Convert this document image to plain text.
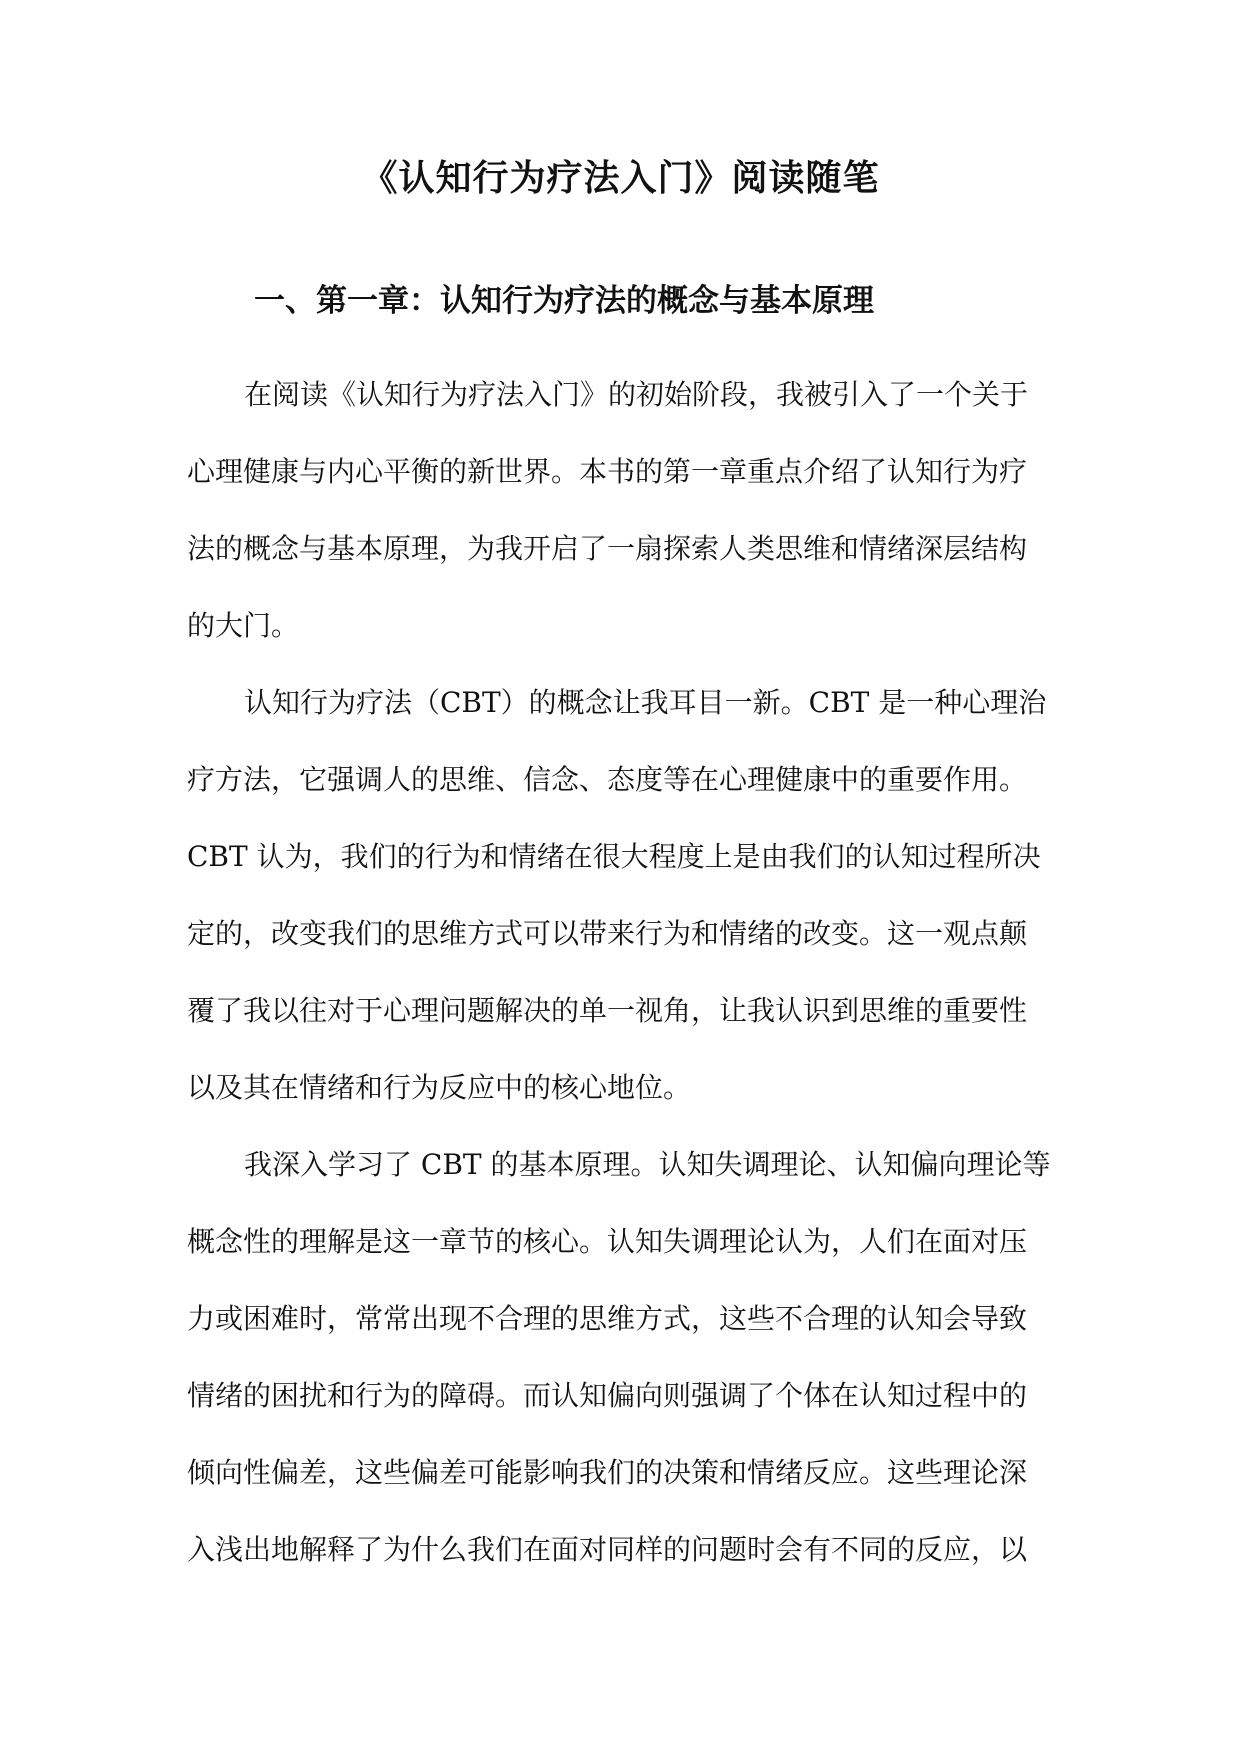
《认知行为疗法入门》阅读随笔
一、第一章：认知行为疗法的概念与基本原理
在阅读《认知行为疗法入门》的初始阶段，我被引入了一个关于
心理健康与内心平衡的新世界。本书的第一章重点介绍了认知行为疗
法的概念与基本原理，为我开启了一扇探索人类思维和情绪深层结构
的大门。
认知行为疗法（CBT）的概念让我耳目一新。CBT 是一种心理治
疗方法，它强调人的思维、信念、态度等在心理健康中的重要作用。
CBT 认为，我们的行为和情绪在很大程度上是由我们的认知过程所决
定的，改变我们的思维方式可以带来行为和情绪的改变。这一观点颠
覆了我以往对于心理问题解决的单一视角，让我认识到思维的重要性
以及其在情绪和行为反应中的核心地位。
我深入学习了 CBT 的基本原理。认知失调理论、认知偏向理论等
概念性的理解是这一章节的核心。认知失调理论认为，人们在面对压
力或困难时，常常出现不合理的思维方式，这些不合理的认知会导致
情绪的困扰和行为的障碍。而认知偏向则强调了个体在认知过程中的
倾向性偏差，这些偏差可能影响我们的决策和情绪反应。这些理论深
入浅出地解释了为什么我们在面对同样的问题时会有不同的反应，以
